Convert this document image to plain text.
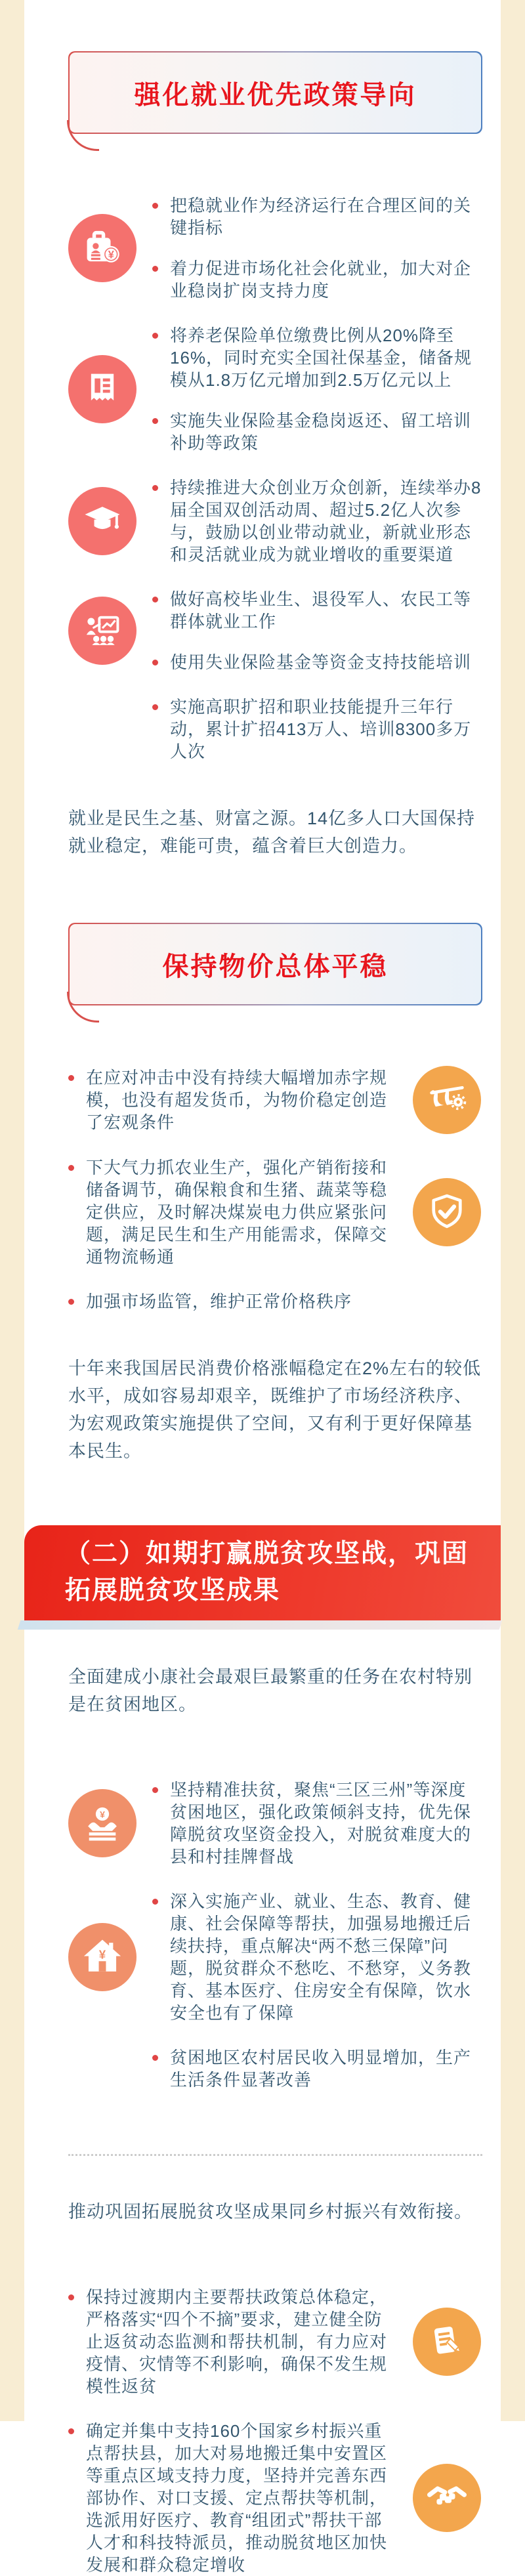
强化就业优先政策导向
¥

把稳就业作为经济运行在合理区间的关键指标

着力促进市场化社会化就业，加大对企业稳岗扩岗支持力度

将养老保险单位缴费比例从20%降至16%，同时充实全国社保基金，储备规模从1.8万亿元增加到2.5万亿元以上

实施失业保险基金稳岗返还、留工培训补助等政策

持续推进大众创业万众创新，连续举办8届全国双创活动周、超过5.2亿人次参与，鼓励以创业带动就业，新就业形态和灵活就业成为就业增收的重要渠道

做好高校毕业生、退役军人、农民工等群体就业工作

使用失业保险基金等资金支持技能培训

实施高职扩招和职业技能提升三年行动，累计扩招413万人、培训8300多万人次

就业是民生之基、财富之源。14亿多人口大国保持就业稳定，难能可贵，蕴含着巨大创造力。

保持物价总体平稳

在应对冲击中没有持续大幅增加赤字规模，也没有超发货币，为物价稳定创造了宏观条件

下大气力抓农业生产，强化产销衔接和储备调节，确保粮食和生猪、蔬菜等稳定供应，及时解决煤炭电力供应紧张问题，满足民生和生产用能需求，保障交通物流畅通

加强市场监管，维护正常价格秩序

十年来我国居民消费价格涨幅稳定在2%左右的较低水平，成如容易却艰辛，既维护了市场经济秩序、为宏观政策实施提供了空间，又有利于更好保障基本民生。

（二）如期打赢脱贫攻坚战，巩固拓展脱贫攻坚成果

全面建成小康社会最艰巨最繁重的任务在农村特别是在贫困地区。

¥

坚持精准扶贫，聚焦“三区三州”等深度贫困地区，强化政策倾斜支持，优先保障脱贫攻坚资金投入，对脱贫难度大的县和村挂牌督战

¥

深入实施产业、就业、生态、教育、健康、社会保障等帮扶，加强易地搬迁后续扶持，重点解决“两不愁三保障”问题，脱贫群众不愁吃、不愁穿，义务教育、基本医疗、住房安全有保障，饮水安全也有了保障

贫困地区农村居民收入明显增加，生产生活条件显著改善

推动巩固拓展脱贫攻坚成果同乡村振兴有效衔接。

保持过渡期内主要帮扶政策总体稳定，严格落实“四个不摘”要求，建立健全防止返贫动态监测和帮扶机制，有力应对疫情、灾情等不利影响，确保不发生规模性返贫

确定并集中支持160个国家乡村振兴重点帮扶县，加大对易地搬迁集中安置区等重点区域支持力度，坚持并完善东西部协作、对口支援、定点帮扶等机制，选派用好医疗、教育“组团式”帮扶干部人才和科技特派员，推动脱贫地区加快发展和群众稳定增收
